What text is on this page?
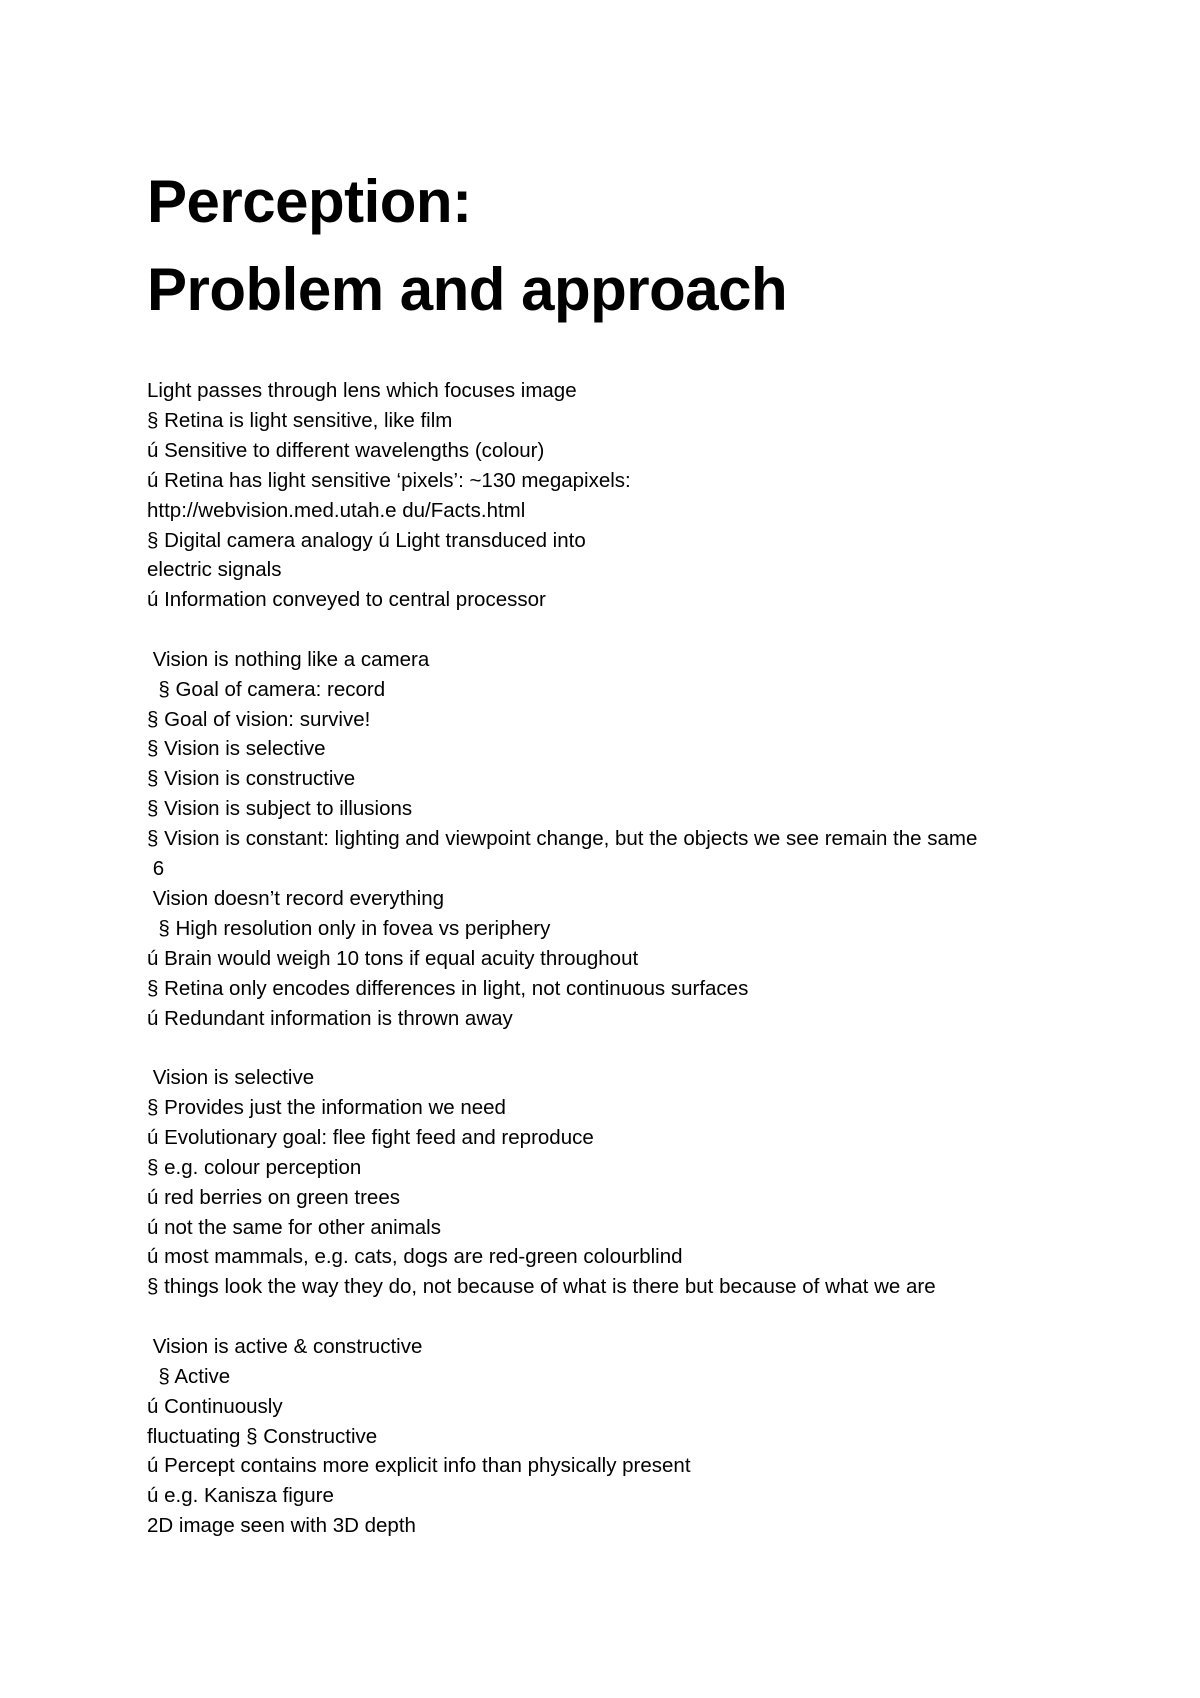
Perception:
Problem and approach
Light passes through lens which focuses image
§ Retina is light sensitive, like film
ú Sensitive to different wavelengths (colour)
ú Retina has light sensitive ‘pixels’: ~130 megapixels:
http://webvision.med.utah.e du/Facts.html
§ Digital camera analogy ú Light transduced into
electric signals
ú Information conveyed to central processor
Vision is nothing like a camera
§ Goal of camera: record
§ Goal of vision: survive!
§ Vision is selective
§ Vision is constructive
§ Vision is subject to illusions
§ Vision is constant: lighting and viewpoint change, but the objects we see remain the same
6
Vision doesn’t record everything
§ High resolution only in fovea vs periphery
ú Brain would weigh 10 tons if equal acuity throughout
§ Retina only encodes differences in light, not continuous surfaces
ú Redundant information is thrown away
Vision is selective
§ Provides just the information we need
ú Evolutionary goal: flee fight feed and reproduce
§ e.g. colour perception
ú red berries on green trees
ú not the same for other animals
ú most mammals, e.g. cats, dogs are red-green colourblind
§ things look the way they do, not because of what is there but because of what we are
Vision is active & constructive
§ Active
ú Continuously
fluctuating § Constructive
ú Percept contains more explicit info than physically present
ú e.g. Kanisza figure
2D image seen with 3D depth
